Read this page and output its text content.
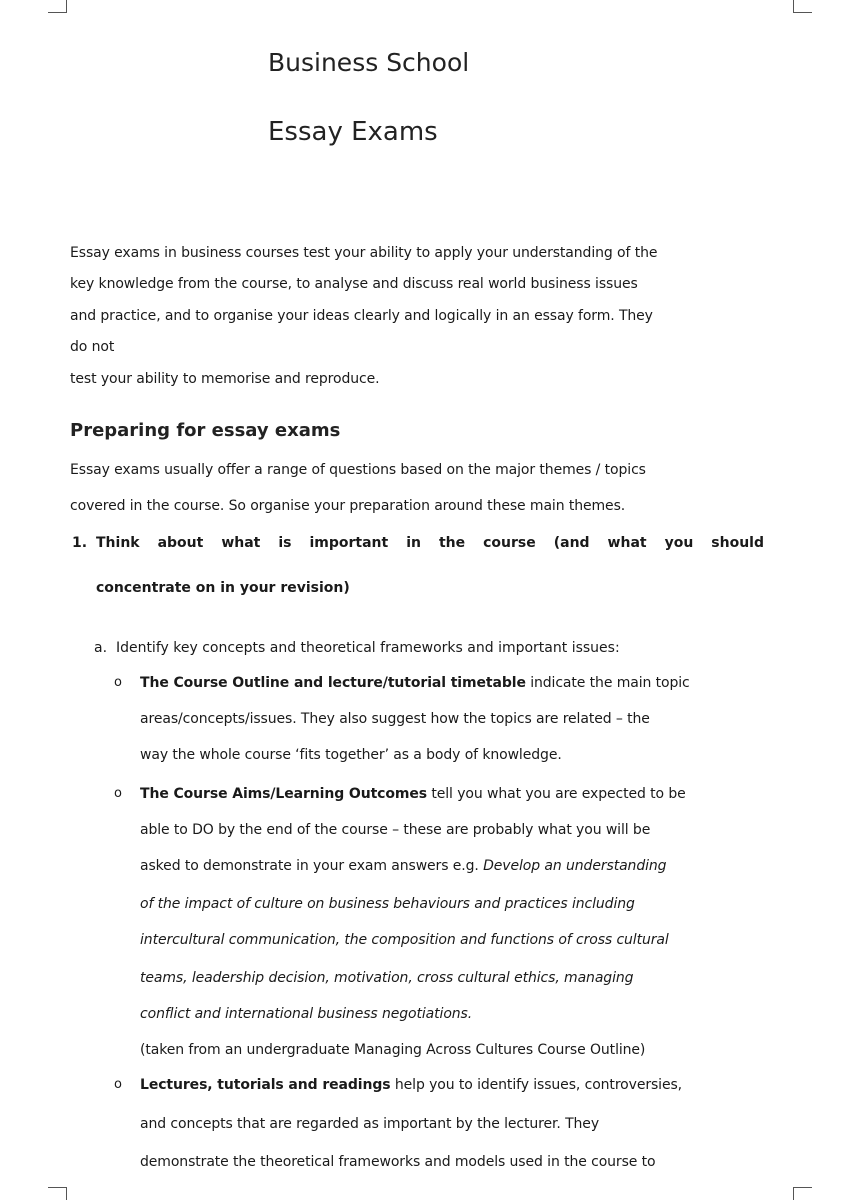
Business School
Essay Exams
Essay exams in business courses test your ability to apply your understanding of the
key knowledge from the course, to analyse and discuss real world business issues
and practice, and to organise your ideas clearly and logically in an essay form. They
do not
test your ability to memorise and reproduce.
Preparing for essay exams
Essay exams usually offer a range of questions based on the major themes / topics
covered in the course. So organise your preparation around these main themes.
1. Think about what is important in the course (and what you should
concentrate on in your revision)
a. Identify key concepts and theoretical frameworks and important issues:
o The Course Outline and lecture/tutorial timetable indicate the main topic
areas/concepts/issues. They also suggest how the topics are related – the
way the whole course ‘fits together’ as a body of knowledge.
o The Course Aims/Learning Outcomes tell you what you are expected to be
able to DO by the end of the course – these are probably what you will be
asked to demonstrate in your exam answers e.g. Develop an understanding
of the impact of culture on business behaviours and practices including
intercultural communication, the composition and functions of cross cultural
teams, leadership decision, motivation, cross cultural ethics, managing
conflict and international business negotiations.
(taken from an undergraduate Managing Across Cultures Course Outline)
o Lectures, tutorials and readings help you to identify issues, controversies,
and concepts that are regarded as important by the lecturer. They
demonstrate the theoretical frameworks and models used in the course to
